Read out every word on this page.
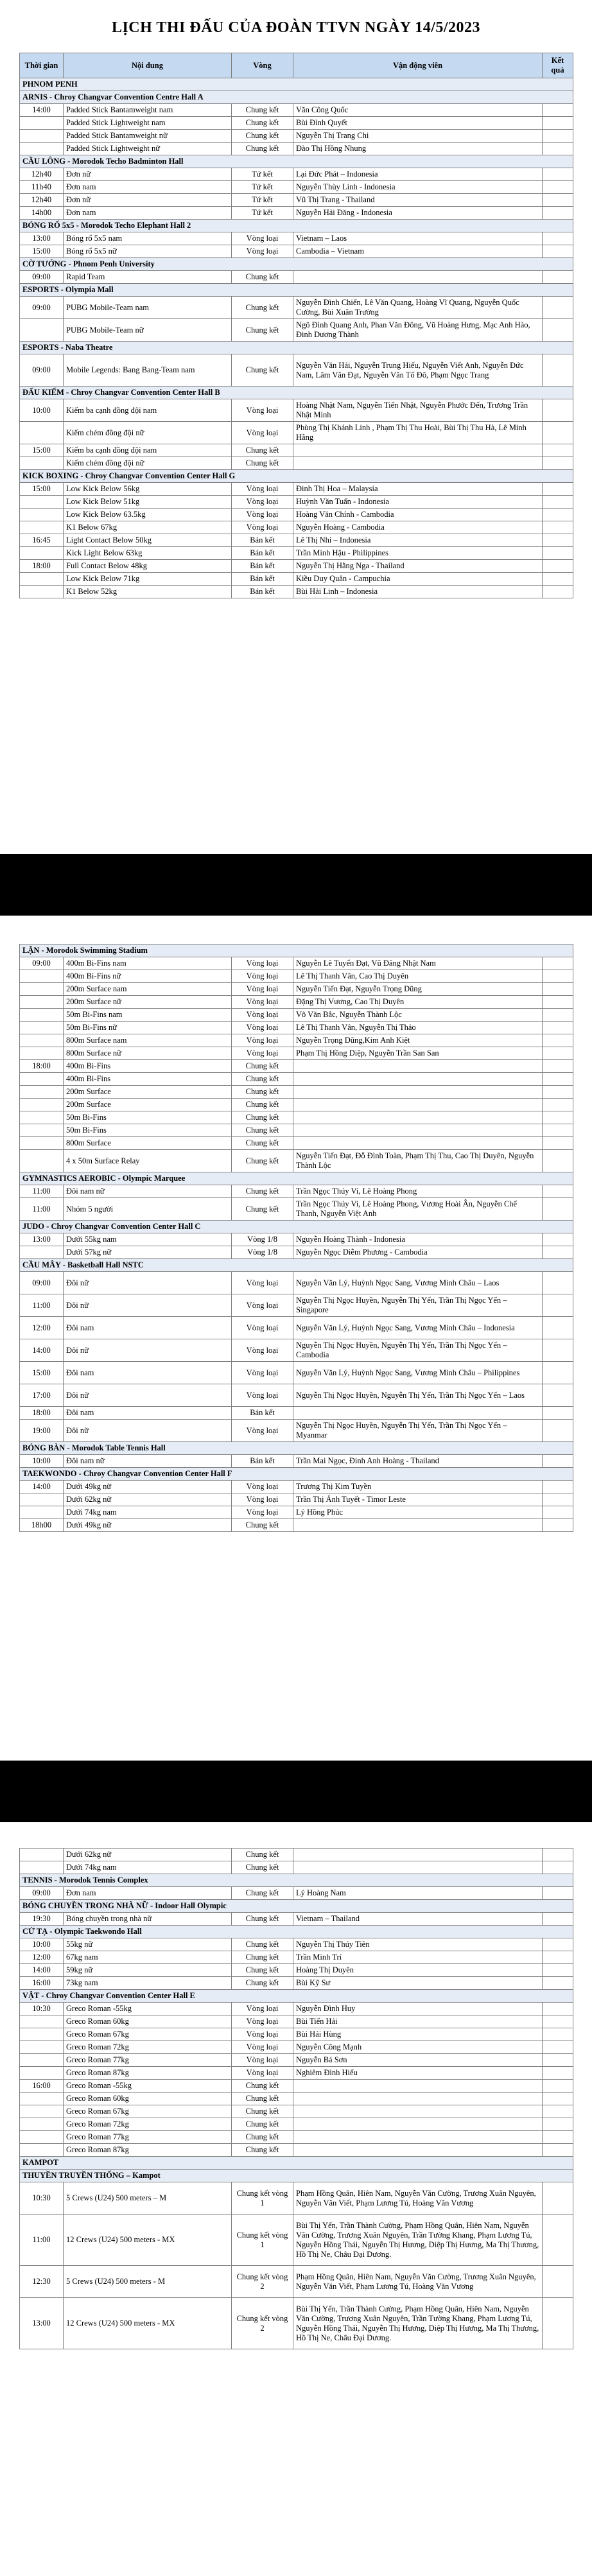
LỊCH THI ĐẤU CỦA ĐOÀN TTVN NGÀY 14/5/2023
Thời gian	Nội dung	Vòng	Vận động viên	Kết quả
PHNOM PENH				
ARNIS - Chroy Changvar Convention Centre Hall A				
14:00	Padded Stick Bantamweight nam	Chung kết	Văn Công Quốc	
	Padded Stick Lightweight nam	Chung kết	Bùi Đình Quyết	
	Padded Stick Bantamweight nữ	Chung kết	Nguyễn Thị Trang Chi	
	Padded Stick Lightweight nữ	Chung kết	Đào Thị Hồng Nhung	
CẦU LÔNG - Morodok Techo Badminton Hall				
12h40	Đơn nữ	Tứ kết	Lại Đức Phát – Indonesia	
11h40	Đơn nam	Tứ kết	Nguyễn Thùy Linh - Indonesia	
12h40	Đơn nữ	Tứ kết	Vũ Thị Trang - Thailand	
14h00	Đơn nam	Tứ kết	Nguyễn Hải Đăng - Indonesia	
BÓNG RỔ 5x5 - Morodok Techo Elephant Hall 2				
13:00	Bóng rổ 5x5 nam	Vòng loại	Vietnam – Laos	
15:00	Bóng rổ 5x5 nữ	Vòng loại	Cambodia – Vietnam	
CỜ TƯỚNG - Phnom Penh University				
09:00	Rapid Team	Chung kết		
ESPORTS - Olympia Mall				
09:00	PUBG Mobile-Team nam	Chung kết	Nguyễn Đình Chiến, Lê Văn Quang, Hoàng Vĩ Quang, Nguyễn Quốc Cường, Bùi Xuân Trường	
	PUBG Mobile-Team nữ	Chung kết	Ngô Đình Quang Anh, Phan Văn Đông, Vũ Hoàng Hưng, Mạc Anh Hào, Đinh Dương Thành	
ESPORTS - Naba Theatre				
09:00	Mobile Legends: Bang Bang-Team nam	Chung kết	Nguyễn Văn Hải, Nguyễn Trung Hiếu, Nguyễn Viết Anh, Nguyễn Đức Nam, Lâm Văn Đạt, Nguyễn Văn Tố Đô, Phạm Ngọc Trang	
ĐẤU KIẾM - Chroy Changvar Convention Center Hall B				
10:00	Kiếm ba cạnh đồng đội nam	Vòng loại	Hoàng Nhật Nam, Nguyễn Tiến Nhật, Nguyễn Phước Đến, Trương Trần Nhật Minh	
	Kiếm chém đồng đội nữ	Vòng loại	Phùng Thị Khánh Linh , Phạm Thị Thu Hoài, Bùi Thị Thu Hà, Lê Minh Hằng	
15:00	Kiếm ba cạnh đồng đội nam	Chung kết		
	Kiếm chém đồng đội nữ	Chung kết		
KICK BOXING - Chroy Changvar Convention Center Hall G				
15:00	Low Kick Below 56kg	Vòng loại	Đinh Thị Hoa – Malaysia	
	Low Kick Below 51kg	Vòng loại	Huỳnh Văn Tuấn - Indonesia	
	Low Kick Below 63.5kg	Vòng loại	Hoàng Văn Chính - Cambodia	
	K1 Below 67kg	Vòng loại	Nguyễn Hoàng - Cambodia	
16:45	Light Contact Below 50kg	Bán kết	Lê Thị Nhi – Indonesia	
	Kick Light Below 63kg	Bán kết	Trần Minh Hậu - Philippines	
18:00	Full Contact Below 48kg	Bán kết	Nguyễn Thị Hằng Nga - Thailand	
	Low Kick Below 71kg	Bán kết	Kiều Duy Quân - Campuchia	
	K1 Below 52kg	Bán kết	Bùi Hải Linh – Indonesia	
LẶN - Morodok Swimming Stadium				
09:00	400m Bi-Fins nam	Vòng loại	Nguyễn Lê Tuyển Đạt, Vũ Đăng Nhật Nam	
	400m Bi-Fins nữ	Vòng loại	Lê Thị Thanh Vân, Cao Thị Duyên	
	200m Surface nam	Vòng loại	Nguyễn Tiến Đạt, Nguyễn Trọng Dũng	
	200m Surface nữ	Vòng loại	Đặng Thị Vương, Cao Thị Duyên	
	50m Bi-Fins nam	Vòng loại	Võ Văn Bắc, Nguyễn Thành Lộc	
	50m Bi-Fins nữ	Vòng loại	Lê Thị Thanh Vân, Nguyễn Thị Thảo	
	800m Surface nam	Vòng loại	Nguyễn Trọng Dũng,Kim Anh Kiệt	
	800m Surface nữ	Vòng loại	Phạm Thị Hồng Diệp, Nguyễn Trần San San	
18:00	400m Bi-Fins	Chung kết		
	400m Bi-Fins	Chung kết		
	200m Surface	Chung kết		
	200m Surface	Chung kết		
	50m Bi-Fins	Chung kết		
	50m Bi-Fins	Chung kết		
	800m Surface	Chung kết		
	4 x 50m Surface Relay	Chung kết	Nguyễn Tiến Đạt, Đỗ Đình Toàn, Phạm Thị Thu, Cao Thị Duyên, Nguyễn Thành Lộc	
GYMNASTICS AEROBIC - Olympic Marquee				
11:00	Đôi nam nữ	Chung kết	Trần Ngọc Thúy Vi, Lê Hoàng Phong	
11:00	Nhóm 5 người	Chung kết	Trần Ngọc Thúy Vi, Lê Hoàng Phong, Vương Hoài Ân, Nguyễn Chế Thanh, Nguyễn Việt Anh	
JUDO - Chroy Changvar Convention Center Hall C				
13:00	Dưới 55kg nam	Vòng 1/8	Nguyễn Hoàng Thành - Indonesia	
	Dưới 57kg nữ	Vòng 1/8	Nguyễn Ngọc Diễm Phương - Cambodia	
CẦU MÂY - Basketball Hall NSTC				
09:00	Đôi nữ	Vòng loại	Nguyễn Văn Lý, Huỳnh Ngọc Sang, Vương Minh Châu – Laos	
11:00	Đôi nữ	Vòng loại	Nguyễn Thị Ngọc Huyền, Nguyễn Thị Yến, Trần Thị Ngọc Yến – Singapore	
12:00	Đôi nam	Vòng loại	Nguyễn Văn Lý, Huỳnh Ngọc Sang, Vương Minh Châu – Indonesia	
14:00	Đôi nữ	Vòng loại	Nguyễn Thị Ngọc Huyền, Nguyễn Thị Yến, Trần Thị Ngọc Yến – Cambodia	
15:00	Đôi nam	Vòng loại	Nguyễn Văn Lý, Huỳnh Ngọc Sang, Vương Minh Châu – Philippines	
17:00	Đôi nữ	Vòng loại	Nguyễn Thị Ngọc Huyền, Nguyễn Thị Yến, Trần Thị Ngọc Yến – Laos	
18:00	Đôi nam	Bán kết		
19:00	Đôi nữ	Vòng loại	Nguyễn Thị Ngọc Huyền, Nguyễn Thị Yến, Trần Thị Ngọc Yến – Myanmar	
BÓNG BÀN - Morodok Table Tennis Hall				
10:00	Đôi nam nữ	Bán kết	Trần Mai Ngọc, Đinh Anh Hoàng - Thailand	
TAEKWONDO - Chroy Changvar Convention Center Hall F				
14:00	Dưới 49kg nữ	Vòng loại	Trương Thị Kim Tuyền	
	Dưới 62kg nữ	Vòng loại	Trần Thị Ánh Tuyết - Timor Leste	
	Dưới 74kg nam	Vòng loại	Lý Hồng Phúc	
18h00	Dưới 49kg nữ	Chung kết		
	Dưới 62kg nữ	Chung kết		
	Dưới 74kg nam	Chung kết		
TENNIS - Morodok Tennis Complex				
09:00	Đơn nam	Chung kết	Lý Hoàng Nam	
BÓNG CHUYỀN TRONG NHÀ NỮ - Indoor Hall Olympic				
19:30	Bóng chuyền trong nhà nữ	Chung kết	Vietnam – Thailand	
CỬ TẠ - Olympic Taekwondo Hall				
10:00	55kg nữ	Chung kết	Nguyễn Thị Thúy Tiên	
12:00	67kg nam	Chung kết	Trần Minh Trí	
14:00	59kg nữ	Chung kết	Hoàng Thị Duyên	
16:00	73kg nam	Chung kết	Bùi Kỹ Sư	
VẬT - Chroy Changvar Convention Center Hall E				
10:30	Greco Roman -55kg	Vòng loại	Nguyễn Đình Huy	
	Greco Roman 60kg	Vòng loại	Bùi Tiến Hải	
	Greco Roman 67kg	Vòng loại	Bùi Hải Hùng	
	Greco Roman 72kg	Vòng loại	Nguyễn Công Mạnh	
	Greco Roman 77kg	Vòng loại	Nguyễn Bá Sơn	
	Greco Roman 87kg	Vòng loại	Nghiêm Đình Hiếu	
16:00	Greco Roman -55kg	Chung kết		
	Greco Roman 60kg	Chung kết		
	Greco Roman 67kg	Chung kết		
	Greco Roman 72kg	Chung kết		
	Greco Roman 77kg	Chung kết		
	Greco Roman 87kg	Chung kết		
KAMPOT				
THUYỀN TRUYỀN THỐNG – Kampot				
10:30	5 Crews (U24) 500 meters – M	Chung kết vòng 1	Phạm Hồng Quân, Hiên Nam, Nguyễn Văn Cường, Trương Xuân Nguyên, Nguyễn Văn Viết, Phạm Lương Tú, Hoàng Văn Vương	
11:00	12 Crews (U24) 500 meters - MX	Chung kết vòng 1	Bùi Thị Yến, Trần Thành Cường, Phạm Hồng Quân, Hiên Nam, Nguyễn Văn Cường, Trương Xuân Nguyên, Trần Tường Khang, Phạm Lương Tú, Nguyễn Hồng Thái, Nguyễn Thị Hương, Diệp Thị Hương, Ma Thị Thương, Hồ Thị Ne, Châu Đại Dương.	
12:30	5 Crews (U24) 500 meters - M	Chung kết vòng 2	Phạm Hồng Quân, Hiên Nam, Nguyễn Văn Cường, Trương Xuân Nguyên, Nguyễn Văn Viết, Phạm Lương Tú, Hoàng Văn Vương	
13:00	12 Crews (U24) 500 meters - MX	Chung kết vòng 2	Bùi Thị Yến, Trần Thành Cường, Phạm Hồng Quân, Hiên Nam, Nguyễn Văn Cường, Trương Xuân Nguyên, Trần Tường Khang, Phạm Lương Tú, Nguyễn Hồng Thái, Nguyễn Thị Hương, Diệp Thị Hương, Ma Thị Thương, Hồ Thị Ne, Châu Đại Dương.	
